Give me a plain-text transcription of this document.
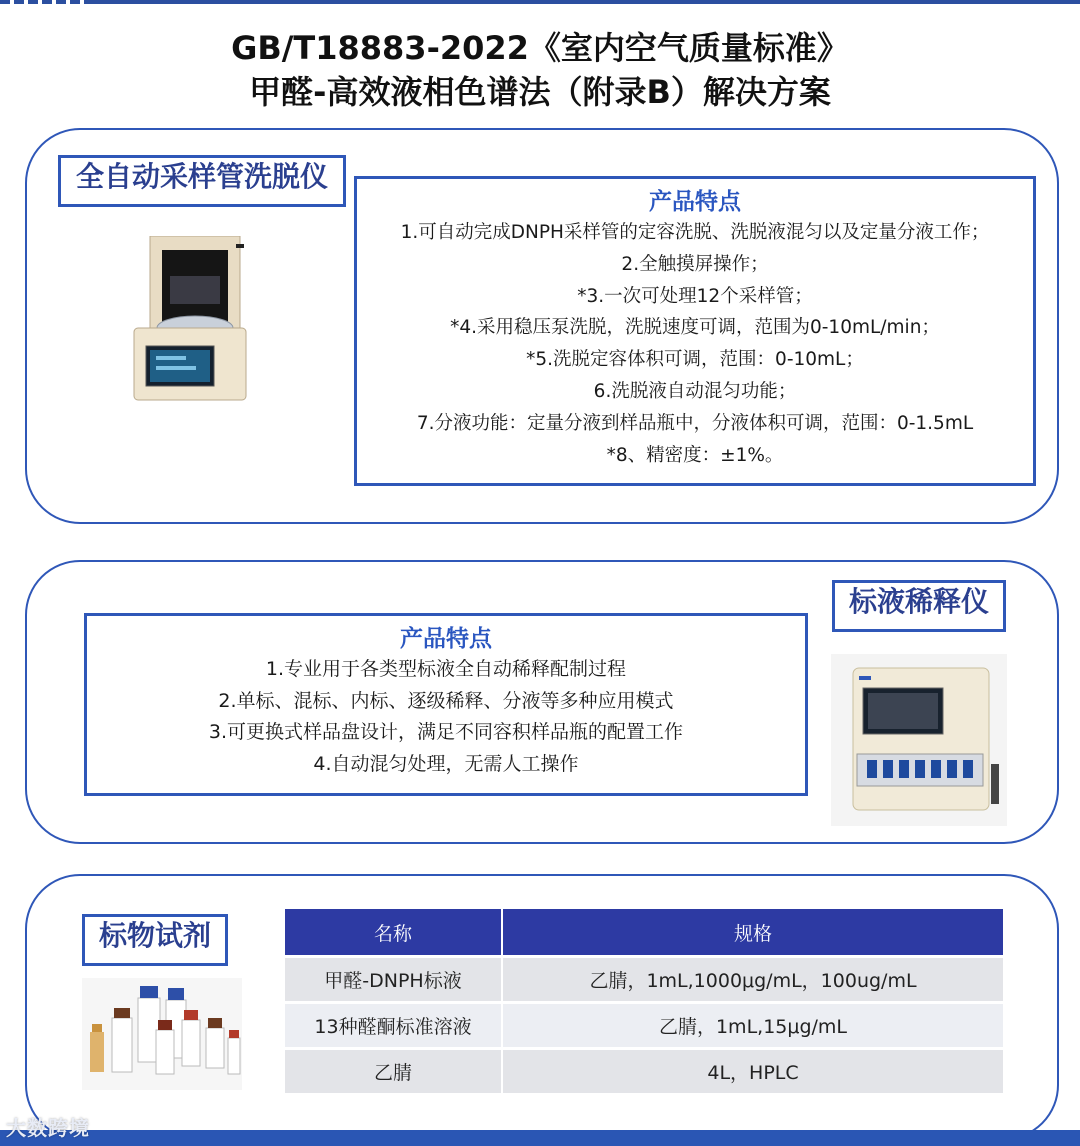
GB/T18883-2022《室内空气质量标准》
甲醛-高效液相色谱法（附录B）解决方案
全自动采样管洗脱仪
产品特点
1.可自动完成DNPH采样管的定容洗脱、洗脱液混匀以及定量分液工作；
2.全触摸屏操作；
*3.一次可处理12个采样管；
*4.采用稳压泵洗脱，洗脱速度可调，范围为0-10mL/min；
*5.洗脱定容体积可调，范围：0-10mL；
6.洗脱液自动混匀功能；
7.分液功能：定量分液到样品瓶中，分液体积可调，范围：0-1.5mL
*8、精密度：±1%。
产品特点
1.专业用于各类型标液全自动稀释配制过程
2.单标、混标、内标、逐级稀释、分液等多种应用模式
3.可更换式样品盘设计，满足不同容积样品瓶的配置工作
4.自动混匀处理，无需人工操作
标液稀释仪
标物试剂	名称	规格
甲醛-DNPH标液	乙腈，1mL,1000μg/mL，100ug/mL
13种醛酮标准溶液	乙腈，1mL,15μg/mL
乙腈	4L，HPLC
大数跨境
